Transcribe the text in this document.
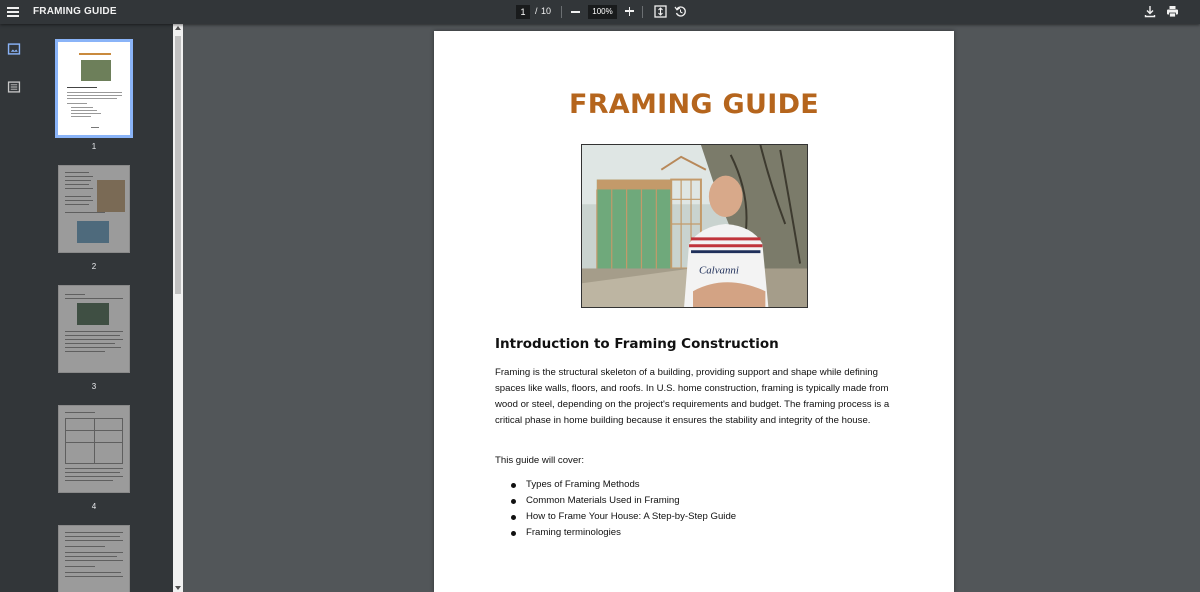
FRAMING GUIDE	1	/ 10	100%
1
2
3
4
FRAMING GUIDE
Calvanni
Introduction to Framing Construction
Framing is the structural skeleton of a building, providing support and shape while defining spaces like walls, floors, and roofs. In U.S. home construction, framing is typically made from wood or steel, depending on the project's requirements and budget. The framing process is a critical phase in home building because it ensures the stability and integrity of the house.
This guide will cover:
Types of Framing Methods
Common Materials Used in Framing
How to Frame Your House: A Step-by-Step Guide
Framing terminologies
